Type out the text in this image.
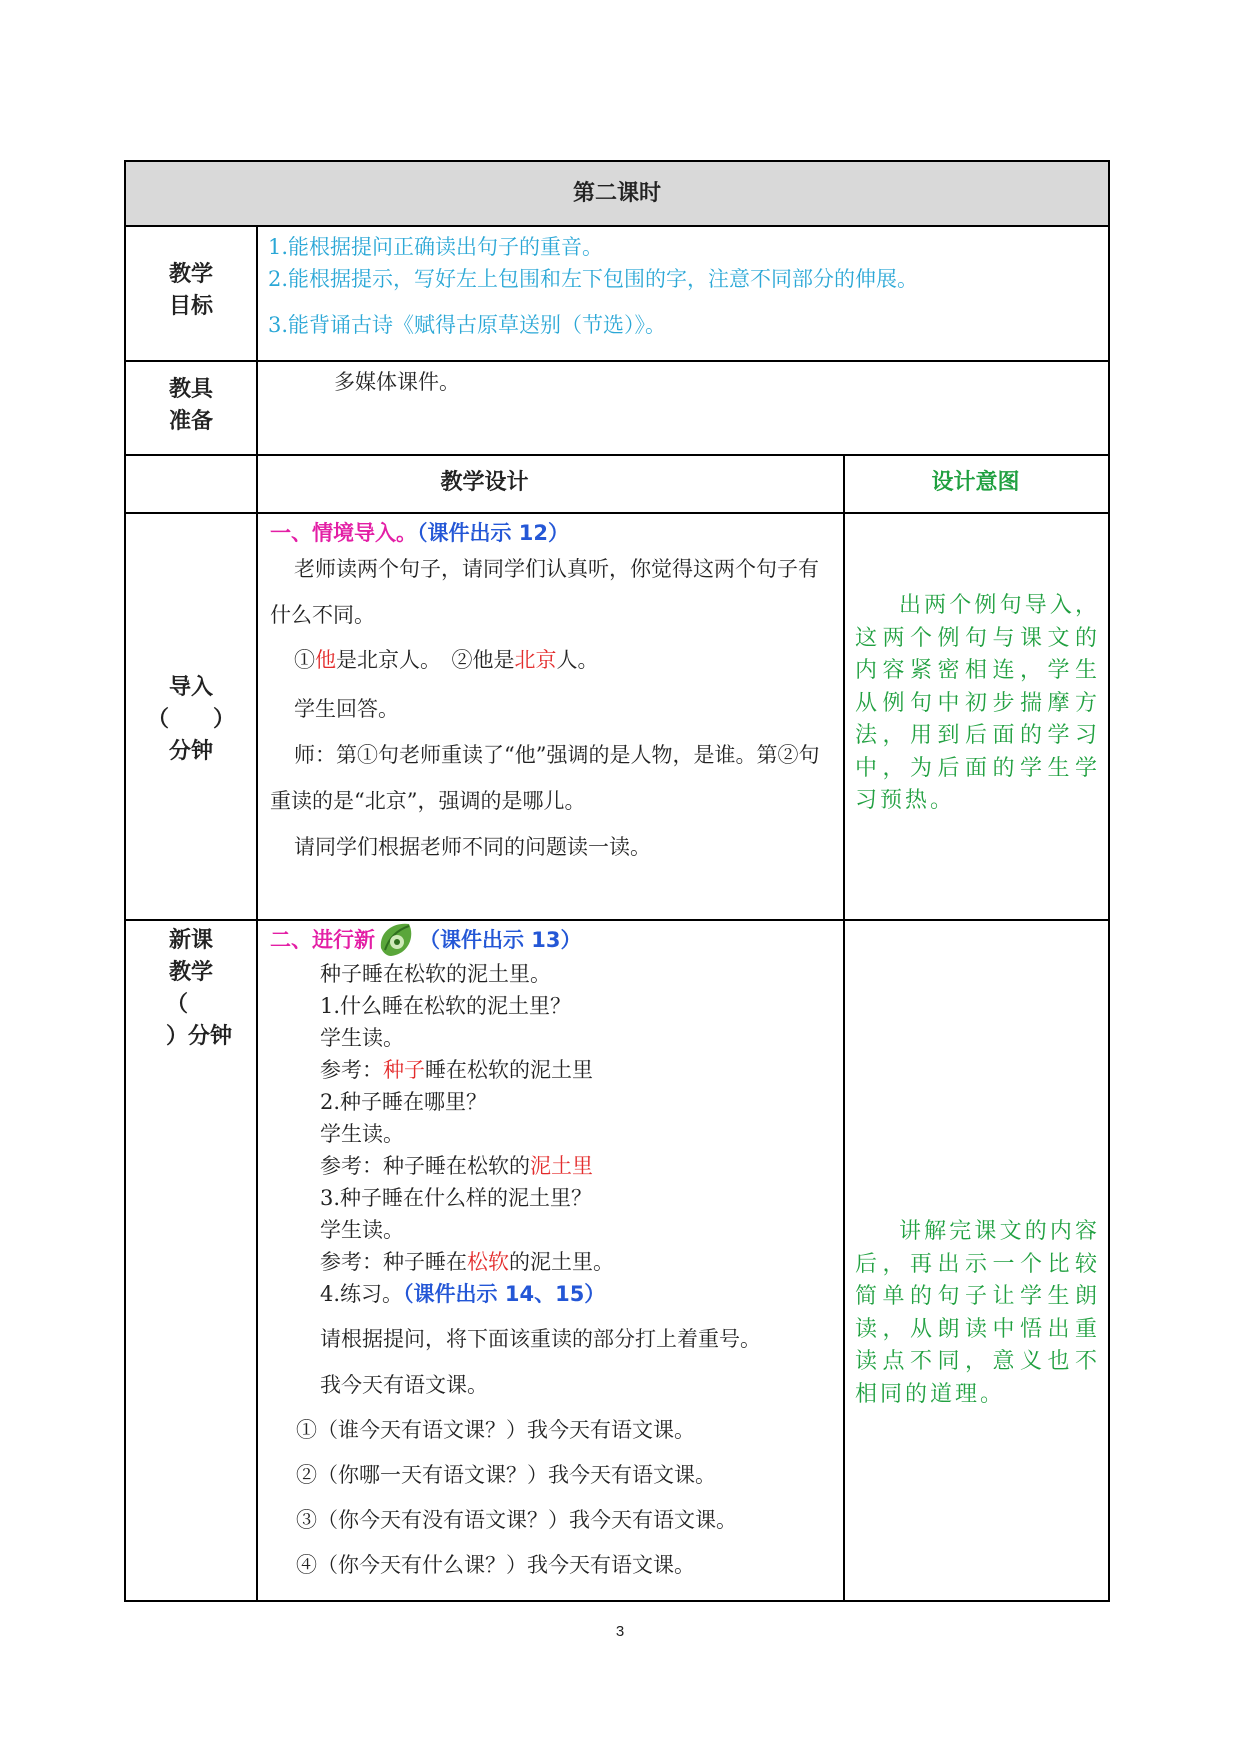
第二课时
教学
目标
1.能根据提问正确读出句子的重音。
2.能根据提示，写好左上包围和左下包围的字，注意不同部分的伸展。
3.能背诵古诗《赋得古原草送别（节选）》。
教具
准备
多媒体课件。
教学设计	设计意图
导入
（　　）
分钟
一、情境导入。（课件出示 12）
老师读两个句子，请同学们认真听，你觉得这两个句子有什么不同。
①他是北京人。　 ②他是北京人。
学生回答。
师：第①句老师重读了“他”强调的是人物，是谁。第②句重读的是“北京”，强调的是哪儿。
请同学们根据老师不同的问题读一读。
出两个例句导入，这两个例句与课文的内容紧密相连，学生从例句中初步揣摩方法，用到后面的学习中，为后面的学生学习预热。
新课
教学
（
）分钟
二、进行新 （课件出示 13）
种子睡在松软的泥土里。
1.什么睡在松软的泥土里？
学生读。
参考：种子睡在松软的泥土里
2.种子睡在哪里？
学生读。
参考：种子睡在松软的泥土里
3.种子睡在什么样的泥土里？
学生读。
参考：种子睡在松软的泥土里。
4.练习。（课件出示 14、15）
请根据提问，将下面该重读的部分打上着重号。
我今天有语文课。
①（谁今天有语文课？）我今天有语文课。
②（你哪一天有语文课？）我今天有语文课。
③（你今天有没有语文课？）我今天有语文课。
④（你今天有什么课？）我今天有语文课。
讲解完课文的内容后，再出示一个比较简单的句子让学生朗读，从朗读中悟出重读点不同，意义也不相同的道理。
3
